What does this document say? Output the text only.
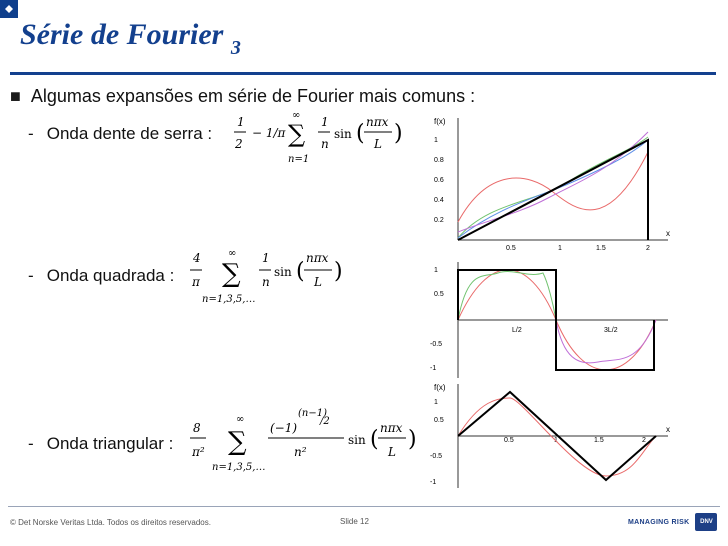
Série de Fourier $_3$
■ Algumas expansões em série de Fourier mais comuns :
- Onda dente de serra :
1
2
− 1/π
∞
∑
n=1
1
n
sin ( nπx
L )
- Onda quadrada :
4
π
∞
∑
n=1,3,5,…
1
n
sin (
nπx
L )
- Onda triangular :
8
π²
∞
∑
n=1,3,5,…
(n−1)
/2
(−1)
n²
sin ( nπx
L )
f(x)
x
1
0.8
0.6
0.4
0.2
0.5	1	1.5	2
1
0.5
-0.5
-1
L/2	3L/2
f(x)
x
1
0.5
-0.5
-1
0.5	1	1.5	2
© Det Norske Veritas Ltda. Todos os direitos reservados.	Slide 12	MANAGING RISK	DNV
